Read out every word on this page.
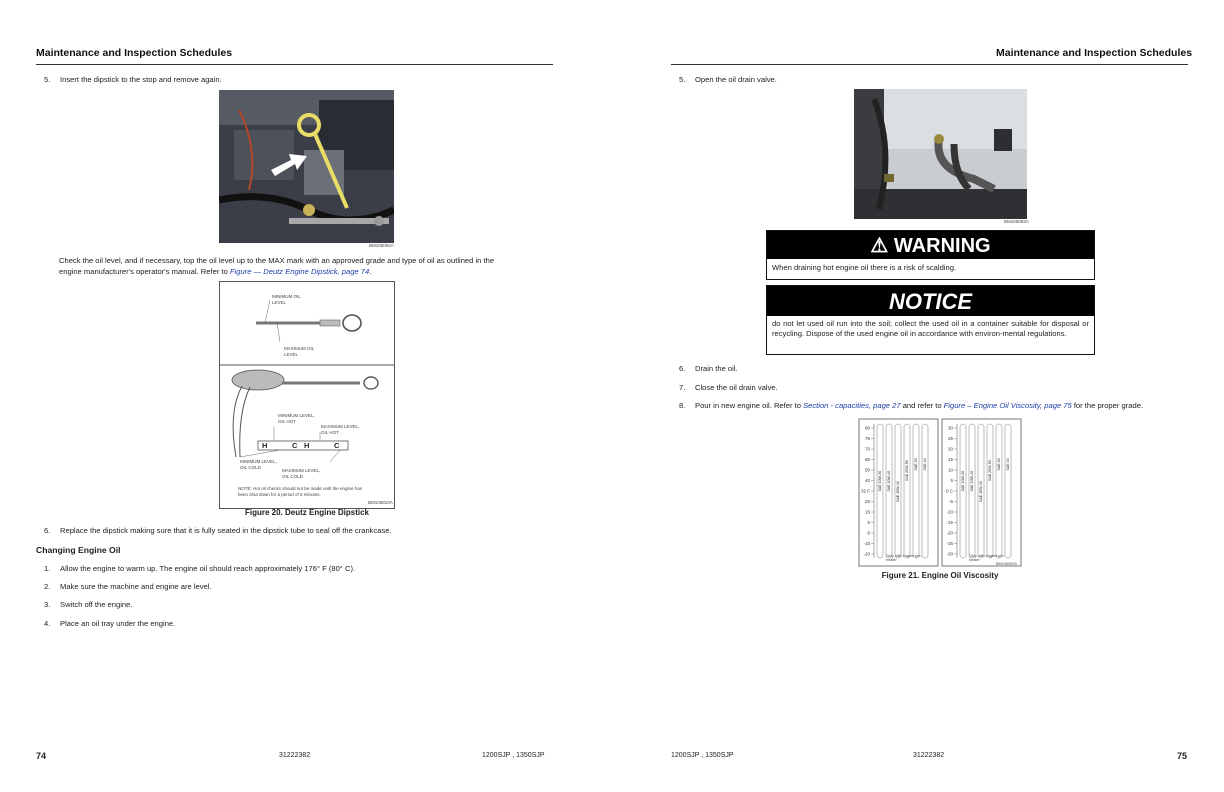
Maintenance and Inspection Schedules
5. Insert the dipstick to the stop and remove again.
BM105092A
Check the oil level, and if necessary, top the oil level up to the MAX mark with an approved grade and type of oil as outlined in the
engine manufacturer's operator's manual. Refer to Figure — Deutz Engine Dipstick, page 74.
H	C H	C
MINIMUM OIL LEVEL
MAXIMUM OIL LEVEL
MINIMUM LEVEL, OIL HOT
MAXIMUM LEVEL, OIL HOT
MINIMUM LEVEL, OIL COLD
MAXIMUM LEVEL, OIL COLD
NOTE: Hot oil checks should not be made until the engine has been shut down for a period of 5 minutes.
BM105810A
Figure 20. Deutz Engine Dipstick
6. Replace the dipstick making sure that it is fully seated in the dipstick tube to seal off the crankcase.
Changing Engine Oil
1. Allow the engine to warm up. The engine oil should reach approximately 176° F (80° C).
2. Make sure the machine and engine are level.
3. Switch off the engine.
4. Place an oil tray under the engine.
74	31222382	1200SJP , 1350SJP
Maintenance and Inspection Schedules
5. Open the oil drain valve.
BM105093A
⚠ WARNING
When draining hot engine oil there is a risk of scalding.
NOTICE
do not let used oil run into the soil; collect the used oil in a container suitable for disposal or recycling. Dispose of the used engine oil in accordance with environ-mental regulations.
6. Drain the oil.
7. Close the oil drain valve.
8. Pour in new engine oil. Refer to Section - capacities, page 27 and refer to Figure – Engine Oil Viscosity, page 75 for the proper grade.
90
75
70
60
50
40
32 F
25
15
5
-5
-15
-20
30
25
20
15
10
5
0 C
-5
-10
-15
-20
-25
-30
SAE 10W-30 SAE 10W-40
SAE 15W-40
SAE 20W-50 SAE 30 SAE 40
SAE 10W-30 SAE 10W-40
SAE 15W-40
SAE 20W-50 SAE 30 SAE 40
Only with engine pre-heater
Only with engine pre-heater
BM105902A
Figure 21. Engine Oil Viscosity
1200SJP , 1350SJP	31222382	75
